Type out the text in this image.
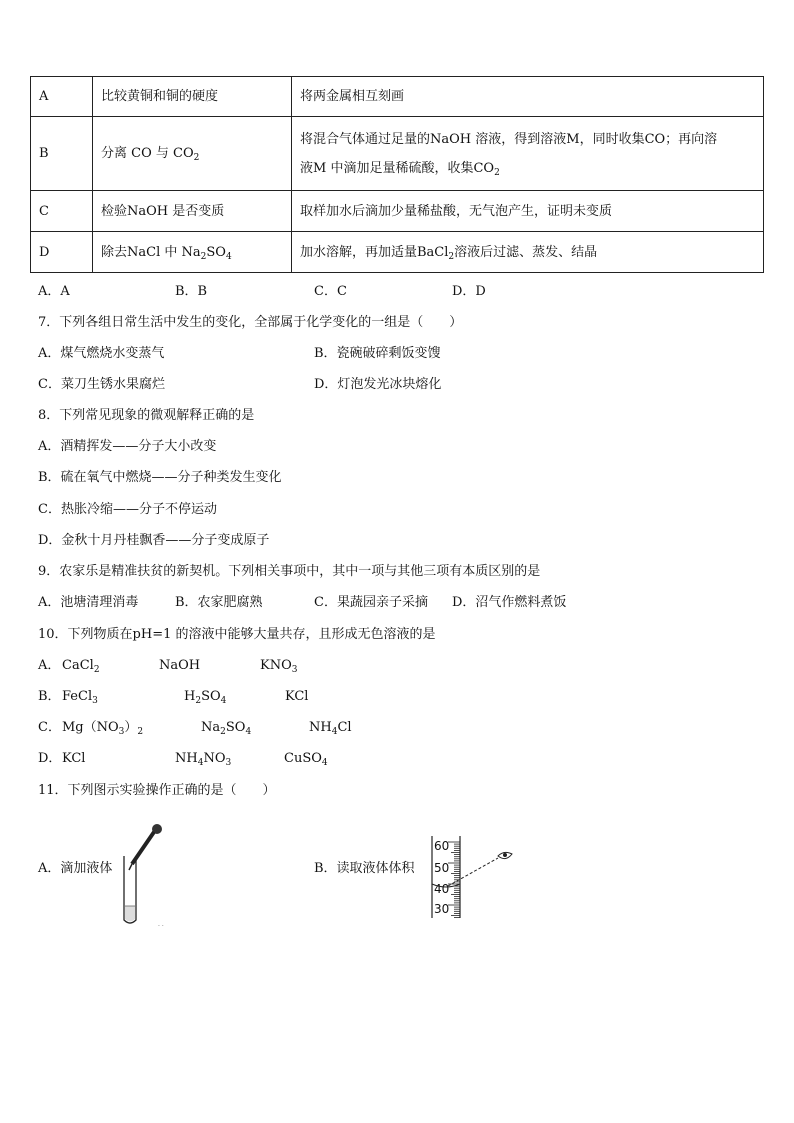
A	比较黄铜和铜的硬度	将两金属相互刻画
B	分离 CO 与 $CO_2$	将混合气体通过足量的NaOH 溶液，得到溶液M，同时收集CO；再向溶
液M 中滴加足量稀硫酸，收集$CO_2$

C	检验NaOH 是否变质	取样加水后滴加少量稀盐酸，无气泡产生，证明未变质
D	除去NaCl 中 $Na_2SO_4$	加水溶解，再加适量BaCl$_2$溶液后过滤、蒸发、结晶
A．A	B．B	C．C	D．D
7．下列各组日常生活中发生的变化，全部属于化学变化的一组是（　　）
A．煤气燃烧水变蒸气	B．瓷碗破碎剩饭变馊
C．菜刀生锈水果腐烂	D．灯泡发光冰块熔化
8．下列常见现象的微观解释正确的是
A．酒精挥发——分子大小改变
B．硫在氧气中燃烧——分子种类发生变化
C．热胀冷缩——分子不停运动
D．金秋十月丹桂飘香——分子变成原子
9．农家乐是精准扶贫的新契机。下列相关事项中，其中一项与其他三项有本质区别的是
A．池塘清理消毒	B．农家肥腐熟	C．果蔬园亲子采摘 D．沼气作燃料煮饭
10．下列物质在pH=1 的溶液中能够大量共存，且形成无色溶液的是
A． CaCl$_2$	NaOH	$KNO_3$
B． FeCl$_3$	$H_2SO_4$	KCl
C． $Mg(NO_3)_2$	$Na_2SO_4$	$NH_4Cl$
D． KCl	$NH_4NO_3$	CuSO$_4$
11．下列图示实验操作正确的是（　　）
A．滴加液体
. .
B．读取液体体积
60
50
40
30
